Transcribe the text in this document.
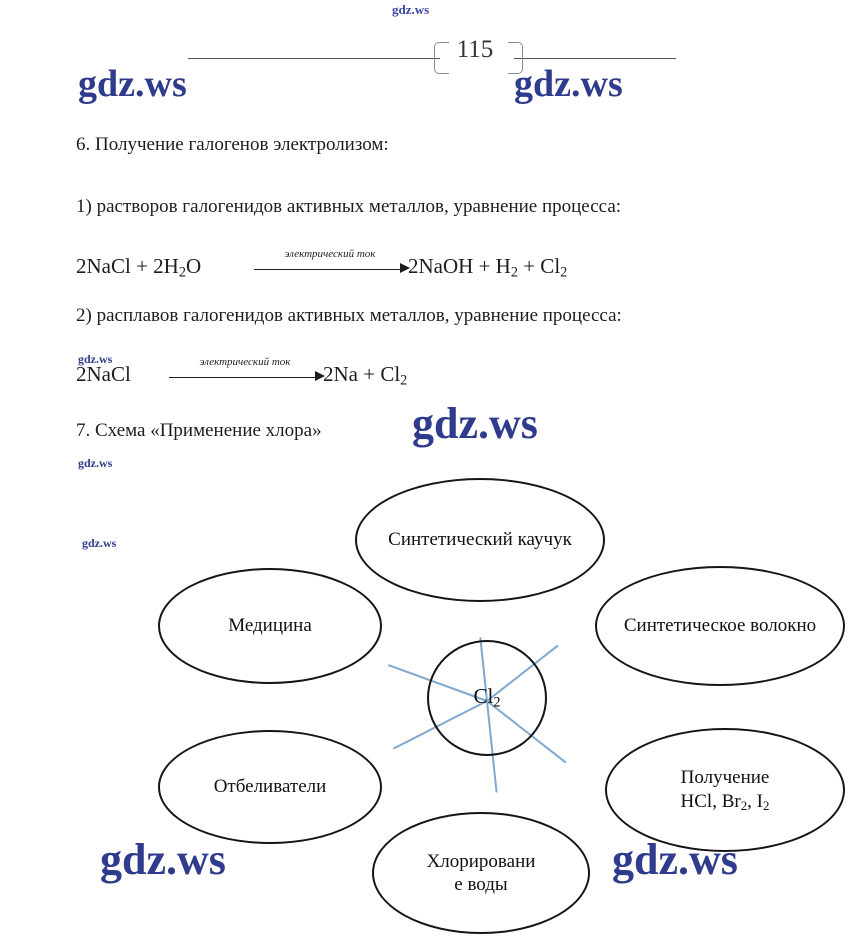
gdz.ws
gdz.ws	gdz.ws
gdz.ws
gdz.ws
gdz.ws
gdz.ws
gdz.ws	gdz.ws
115
6. Получение галогенов электролизом:
1) растворов галогенидов активных металлов, уравнение процесса:
2NaCl + $2H_2O$	электрический ток	2NaOH + $H_2 + Cl_2$
2) расплавов галогенидов активных металлов, уравнение процесса:
2NaCl	электрический ток	$2Na + Cl_2$
7. Схема «Применение хлора»
$Cl_2$
Синтетический каучук
Синтетическое волокно
Медицина
Отбеливатели	Получение
HCl, $Br_2$, $I_2$
Хлорировани
е воды
